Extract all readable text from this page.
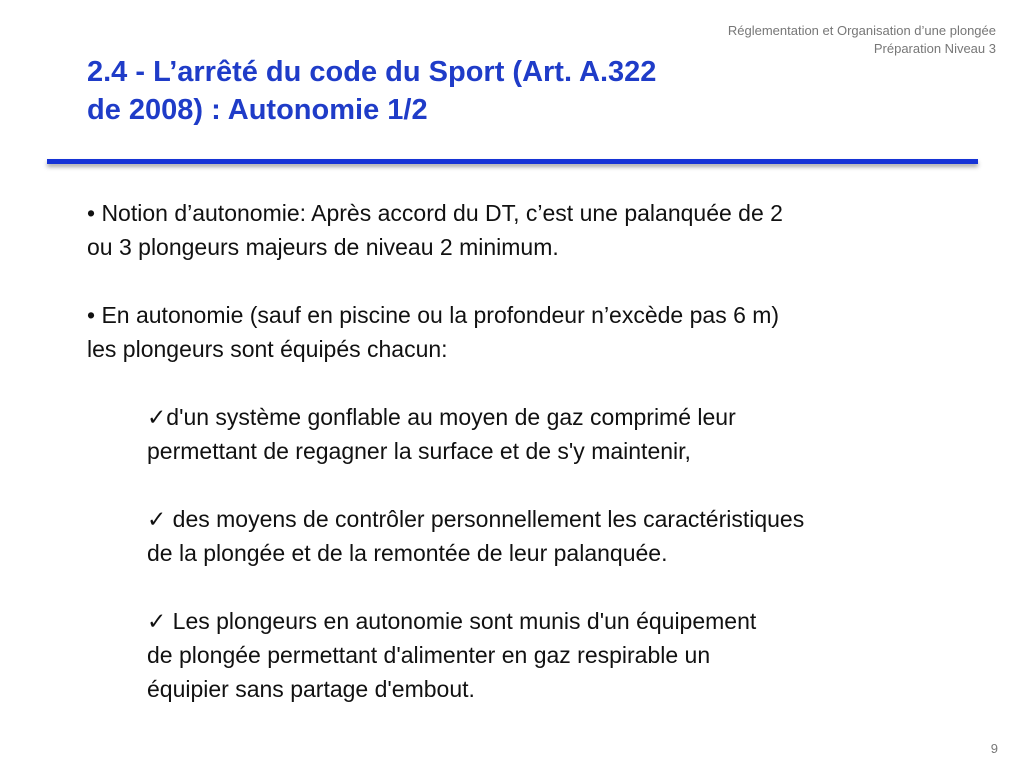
Réglementation et Organisation d’une plongée
Préparation Niveau 3
2.4 - L’arrêté du code du Sport (Art. A.322
de 2008) : Autonomie 1/2

• Notion d’autonomie: Après accord du DT, c’est une palanquée de 2
ou 3 plongeurs majeurs de niveau 2 minimum.

• En autonomie (sauf en piscine ou la profondeur n’excède pas 6 m)
les plongeurs sont équipés chacun:

✓d'un système gonflable au moyen de gaz comprimé leur
permettant de regagner la surface et de s'y maintenir,
✓ des moyens de contrôler personnellement les caractéristiques
de la plongée et de la remontée de leur palanquée.
✓ Les plongeurs en autonomie sont munis d'un équipement
de plongée permettant d'alimenter en gaz respirable un
équipier sans partage d'embout.
9
